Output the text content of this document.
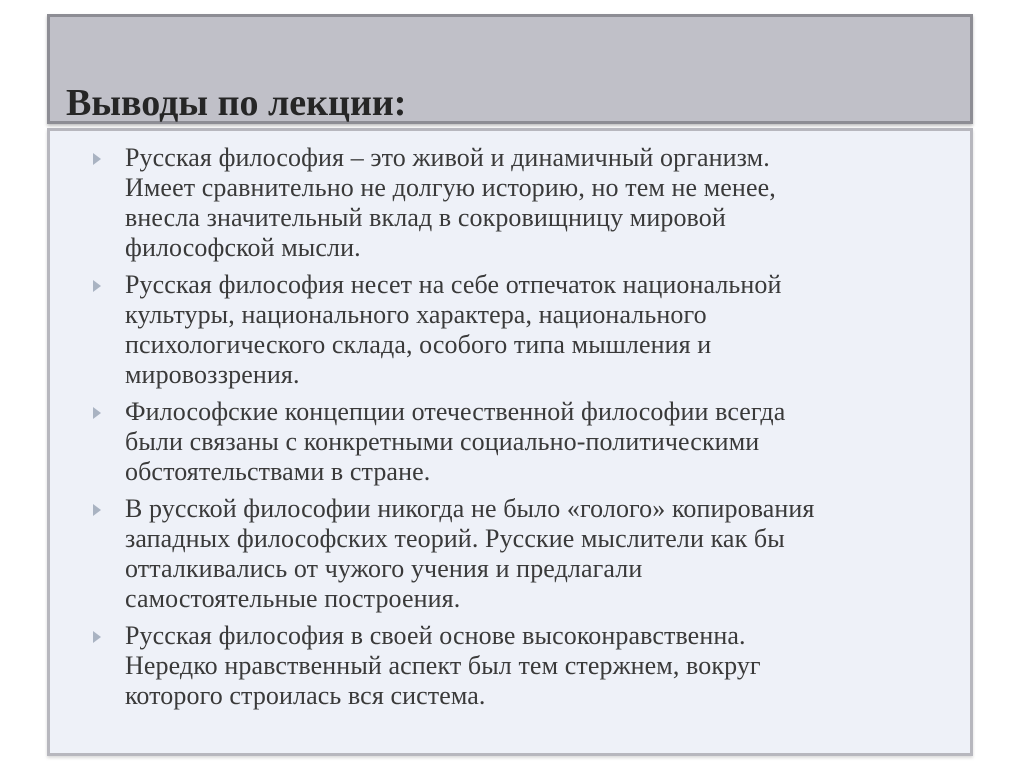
Выводы по лекции:
Русская философия – это живой и динамичный организм.
Имеет сравнительно не долгую историю, но тем не менее,
внесла значительный вклад в сокровищницу мировой
философской мысли.
Русская философия несет на себе отпечаток национальной
культуры, национального характера, национального
психологического склада, особого типа мышления и
мировоззрения.
Философские концепции отечественной философии всегда
были связаны с конкретными социально-политическими
обстоятельствами в стране.
В русской философии никогда не было «голого» копирования
западных философских теорий. Русские мыслители как бы
отталкивались от чужого учения и предлагали
самостоятельные построения.
Русская философия в своей основе высоконравственна.
Нередко нравственный аспект был тем стержнем, вокруг
которого строилась вся система.
